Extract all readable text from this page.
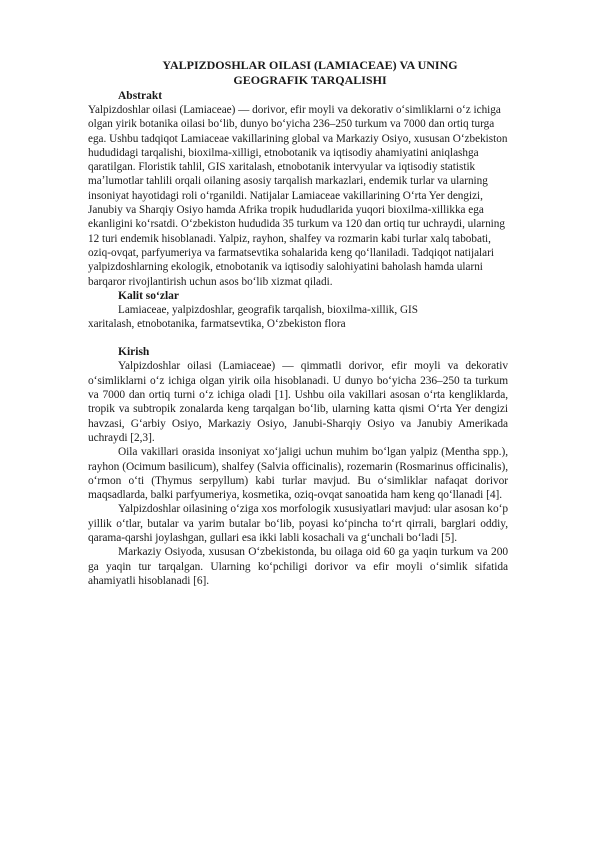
YALPIZDOSHLAR OILASI (LAMIACEAE) VA UNING
GEOGRAFIK TARQALISHI

Abstrakt

Yalpizdoshlar oilasi (Lamiaceae) — dorivor, efir moyli va dekorativ oʻsimliklarni oʻz ichiga olgan yirik botanika oilasi boʻlib, dunyo boʻyicha 236–250 turkum va 7000 dan ortiq turga ega. Ushbu tadqiqot Lamiaceae vakillarining global va Markaziy Osiyo, xususan Oʻzbekiston hududidagi tarqalishi, bioxilma-xilligi, etnobotanik va iqtisodiy ahamiyatini aniqlashga qaratilgan. Floristik tahlil, GIS xaritalash, etnobotanik intervyular va iqtisodiy statistik maʼlumotlar tahlili orqali oilaning asosiy tarqalish markazlari, endemik turlar va ularning insoniyat hayotidagi roli oʻrganildi. Natijalar Lamiaceae vakillarining Oʻrta Yer dengizi, Janubiy va Sharqiy Osiyo hamda Afrika tropik hududlarida yuqori bioxilma-xillikka ega ekanligini koʻrsatdi. Oʻzbekiston hududida 35 turkum va 120 dan ortiq tur uchraydi, ularning 12 turi endemik hisoblanadi. Yalpiz, rayhon, shalfey va rozmarin kabi turlar xalq tabobati, oziq-ovqat, parfyumeriya va farmatsevtika sohalarida keng qoʻllaniladi. Tadqiqot natijalari yalpizdoshlarning ekologik, etnobotanik va iqtisodiy salohiyatini baholash hamda ularni barqaror rivojlantirish uchun asos boʻlib xizmat qiladi.

Kalit soʻzlar

Lamiaceae, yalpizdoshlar, geografik tarqalish, bioxilma-xillik, GIS

xaritalash, etnobotanika, farmatsevtika, Oʻzbekiston flora

Kirish

Yalpizdoshlar oilasi (Lamiaceae) — qimmatli dorivor, efir moyli va dekorativ oʻsimliklarni oʻz ichiga olgan yirik oila hisoblanadi. U dunyo boʻyicha 236–250 ta turkum va 7000 dan ortiq turni oʻz ichiga oladi [1]. Ushbu oila vakillari asosan oʻrta kengliklarda, tropik va subtropik zonalarda keng tarqalgan boʻlib, ularning katta qismi Oʻrta Yer dengizi havzasi, Gʻarbiy Osiyo, Markaziy Osiyo, Janubi-Sharqiy Osiyo va Janubiy Amerikada uchraydi [2,3].

Oila vakillari orasida insoniyat xoʻjaligi uchun muhim boʻlgan yalpiz (Mentha spp.), rayhon (Ocimum basilicum), shalfey (Salvia officinalis), rozemarin (Rosmarinus officinalis), oʻrmon oʻti (Thymus serpyllum) kabi turlar mavjud. Bu oʻsimliklar nafaqat dorivor maqsadlarda, balki parfyumeriya, kosmetika, oziq-ovqat sanoatida ham keng qoʻllanadi [4].

Yalpizdoshlar oilasining oʻziga xos morfologik xususiyatlari mavjud: ular asosan koʻp yillik oʻtlar, butalar va yarim butalar boʻlib, poyasi koʻpincha toʻrt qirrali, barglari oddiy, qarama-qarshi joylashgan, gullari esa ikki labli kosachali va gʻunchali boʻladi [5].

Markaziy Osiyoda, xususan Oʻzbekistonda, bu oilaga oid 60 ga yaqin turkum va 200 ga yaqin tur tarqalgan. Ularning koʻpchiligi dorivor va efir moyli oʻsimlik sifatida ahamiyatli hisoblanadi [6].
